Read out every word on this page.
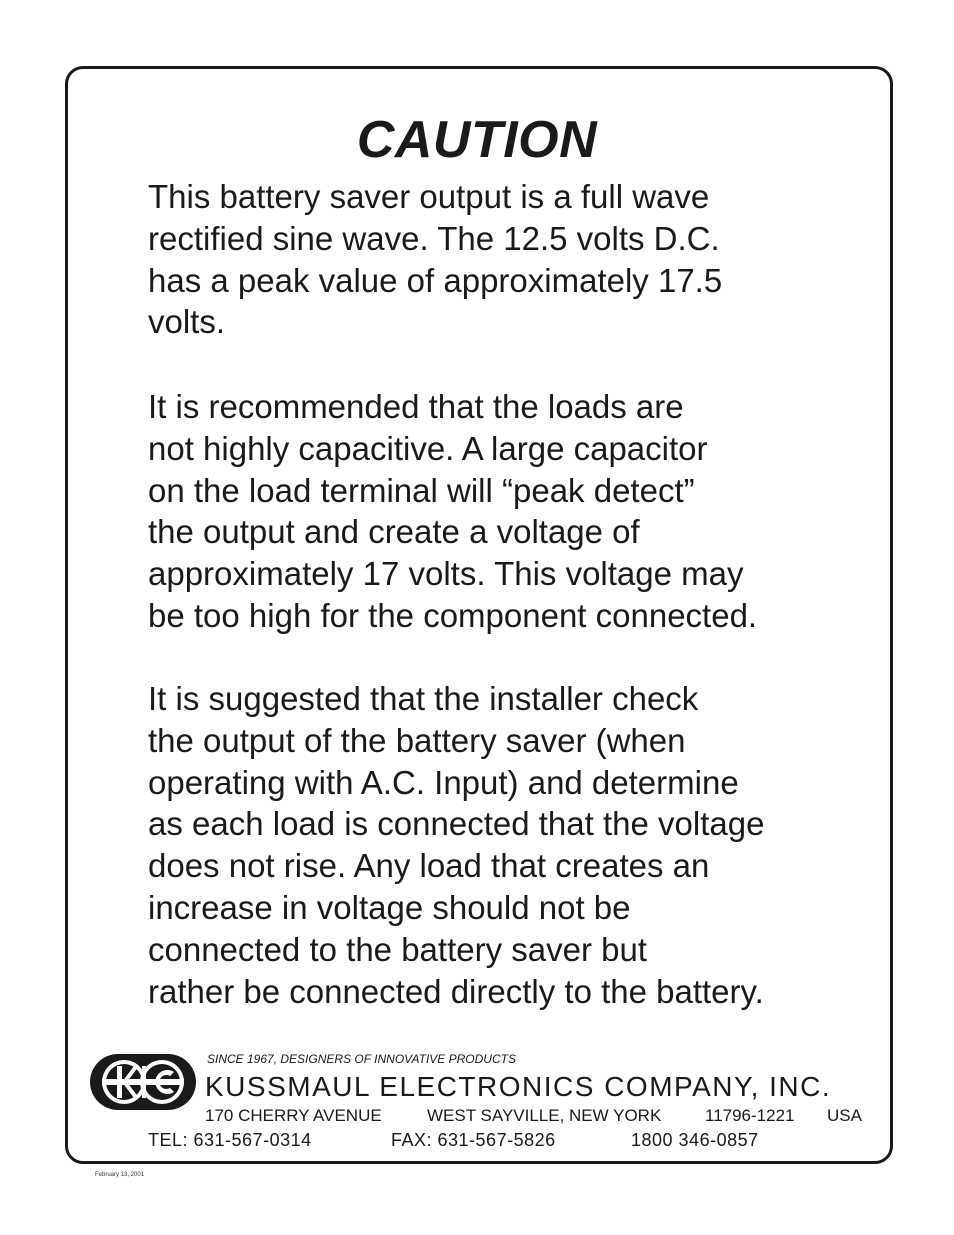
CAUTION
This battery saver output is a full wave
rectified sine wave. The 12.5 volts D.C.
has a peak value of approximately 17.5
volts.
It is recommended that the loads are
not highly capacitive. A large capacitor
on the load terminal will “peak detect”
the output and create a voltage of
approximately 17 volts. This voltage may
be too high for the component connected.
It is suggested that the installer check
the output of the battery saver (when
operating with A.C. Input) and determine
as each load is connected that the voltage
does not rise. Any load that creates an
increase in voltage should not be
connected to the battery saver but
rather be connected directly to the battery.
SINCE 1967, DESIGNERS OF INNOVATIVE PRODUCTS
KUSSMAUL ELECTRONICS COMPANY, INC.
170 CHERRY AVENUE	WEST SAYVILLE, NEW YORK	11796-1221 USA
TEL: 631-567-0314	FAX: 631-567-5826	1800 346-0857
February 13, 2001
